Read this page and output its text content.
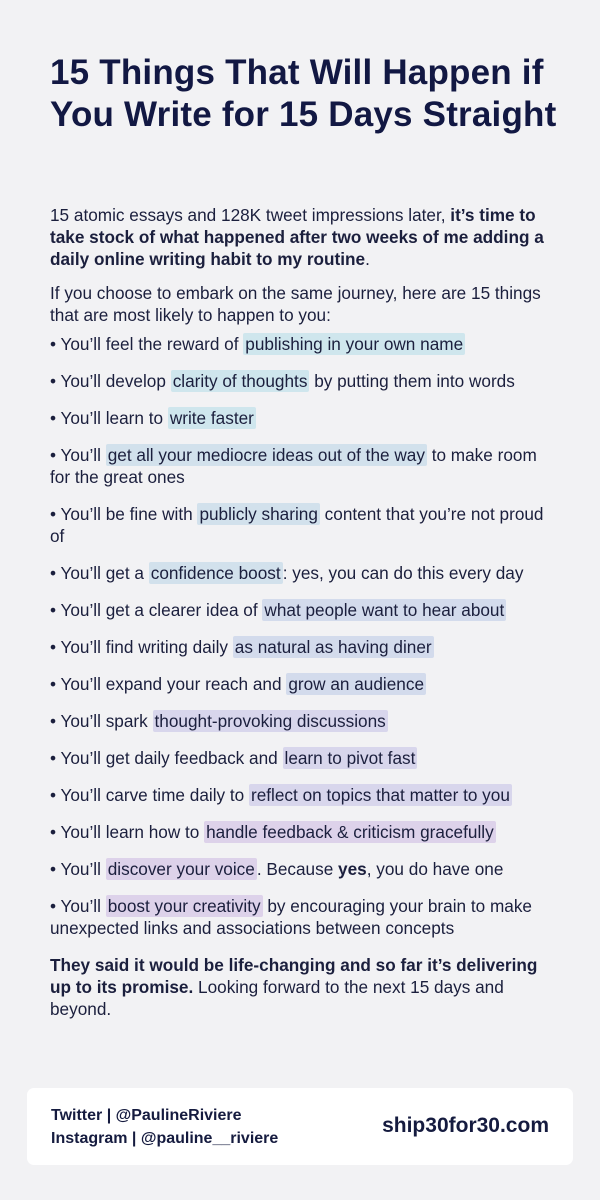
15 Things That Will Happen if You Write for 15 Days Straight

15 atomic essays and 128K tweet impressions later, it’s time to take stock of what happened after two weeks of me adding a daily online writing habit to my routine.

If you choose to embark on the same journey, here are 15 things that are most likely to happen to you:

• You’ll feel the reward of publishing in your own name
• You’ll develop clarity of thoughts by putting them into words
• You’ll learn to write faster
• You’ll get all your mediocre ideas out of the way to make room for the great ones
• You’ll be fine with publicly sharing content that you’re not proud of
• You’ll get a confidence boost : yes, you can do this every day
• You’ll get a clearer idea of what people want to hear about
• You’ll find writing daily as natural as having diner
• You’ll expand your reach and grow an audience
• You’ll spark thought-provoking discussions
• You’ll get daily feedback and learn to pivot fast
• You’ll carve time daily to reflect on topics that matter to you
• You’ll learn how to handle feedback & criticism gracefully
• You’ll discover your voice . Because yes, you do have one
• You’ll boost your creativity by encouraging your brain to make unexpected links and associations between concepts

They said it would be life-changing and so far it’s delivering up to its promise. Looking forward to the next 15 days and beyond.

Twitter | @PaulineRiviere
Instagram | @pauline__riviere
ship30for30.com
